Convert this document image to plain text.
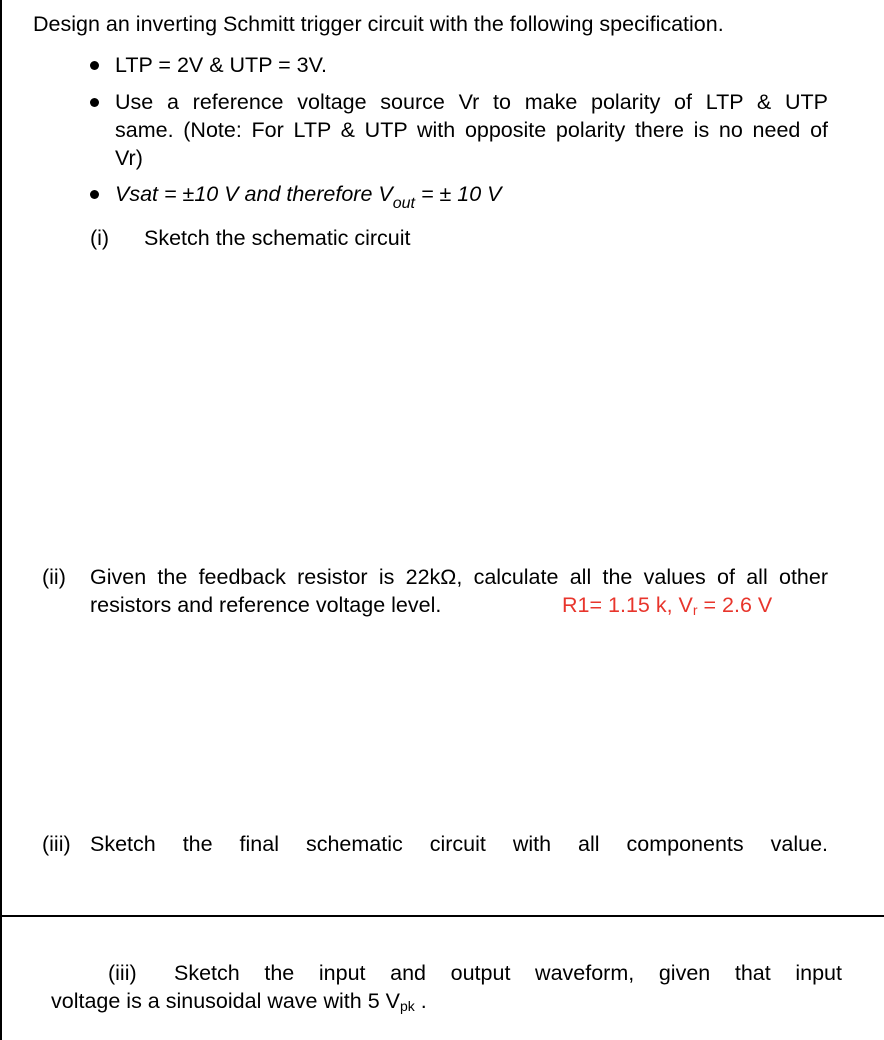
Design an inverting Schmitt trigger circuit with the following specification.
LTP = 2V & UTP = 3V.
Use a reference voltage source Vr to make polarity of LTP & UTP
same. (Note: For LTP & UTP with opposite polarity there is no need of
Vr)
Vsat = ±10 V and therefore $V_{out}$ = ± 10 V
(i) Sketch the schematic circuit
(ii) Given the feedback resistor is 22kΩ, calculate all the values of all other
resistors and reference voltage level.	R1= 1.15 k, $V_r = 2.6$ V
(iii) Sketch the final schematic circuit with all components value.
(iii) Sketch the input and output waveform, given that input
voltage is a sinusoidal wave with 5 $V_{pk}$ .
